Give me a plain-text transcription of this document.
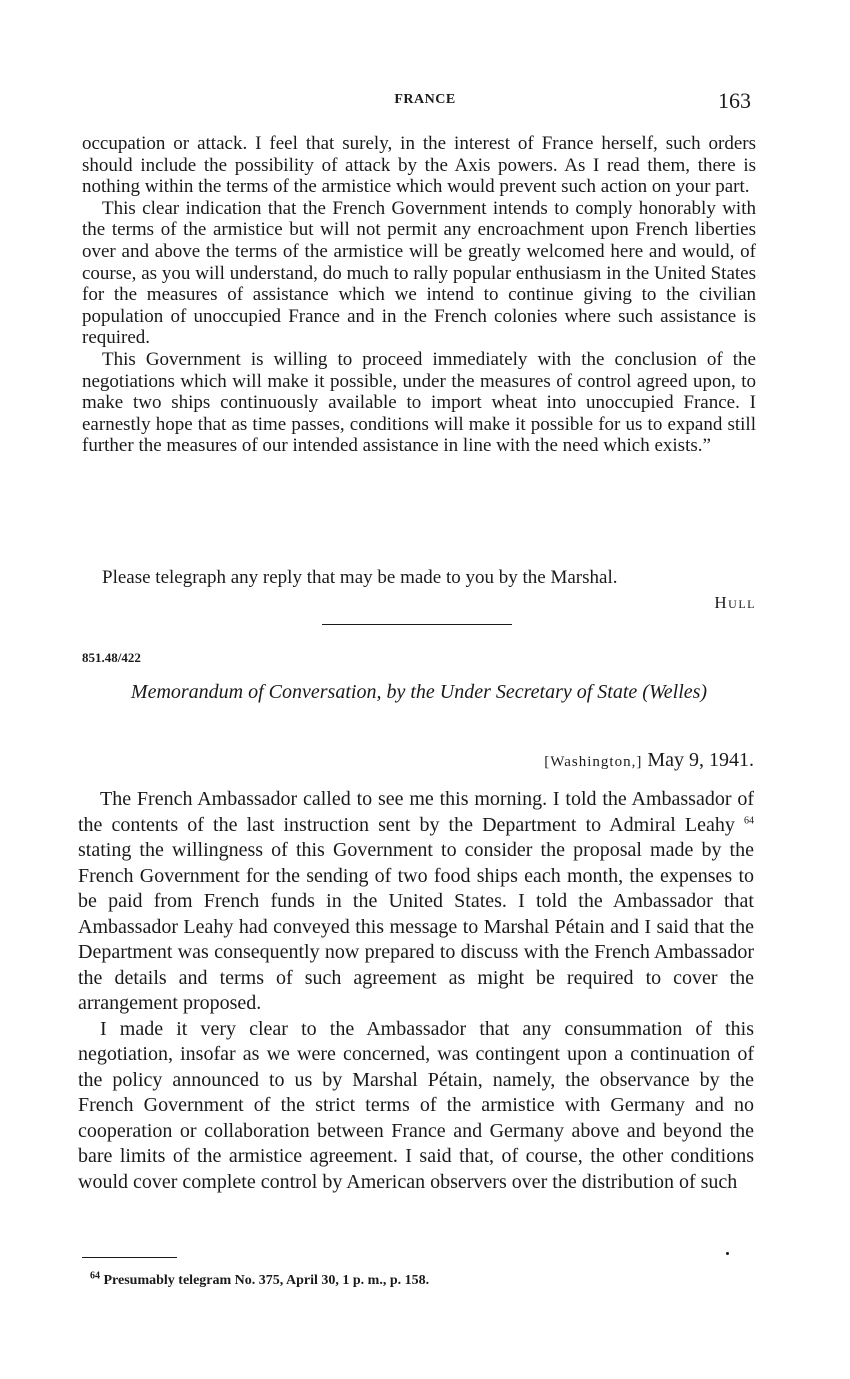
FRANCE	163

occupation or attack. I feel that surely, in the interest of France herself, such orders should include the possibility of attack by the Axis powers. As I read them, there is nothing within the terms of the armistice which would prevent such action on your part.

This clear indication that the French Government intends to comply honorably with the terms of the armistice but will not permit any encroachment upon French liberties over and above the terms of the armistice will be greatly welcomed here and would, of course, as you will understand, do much to rally popular enthusiasm in the United States for the measures of assistance which we intend to continue giving to the civilian population of unoccupied France and in the French colonies where such assistance is required.

This Government is willing to proceed immediately with the conclusion of the negotiations which will make it possible, under the measures of control agreed upon, to make two ships continuously available to import wheat into unoccupied France. I earnestly hope that as time passes, conditions will make it possible for us to expand still further the measures of our intended assistance in line with the need which exists.”

Please telegraph any reply that may be made to you by the Marshal.
Hull
851.48/422
Memorandum of Conversation, by the Under Secretary of State (Welles)
[Washington,] May 9, 1941.

The French Ambassador called to see me this morning. I told the Ambassador of the contents of the last instruction sent by the Department to Admiral Leahy $^{64}$ stating the willingness of this Government to consider the proposal made by the French Government for the sending of two food ships each month, the expenses to be paid from French funds in the United States. I told the Ambassador that Ambassador Leahy had conveyed this message to Marshal Pétain and I said that the Department was consequently now prepared to discuss with the French Ambassador the details and terms of such agreement as might be required to cover the arrangement proposed.

I made it very clear to the Ambassador that any consummation of this negotiation, insofar as we were concerned, was contingent upon a continuation of the policy announced to us by Marshal Pétain, namely, the observance by the French Government of the strict terms of the armistice with Germany and no cooperation or collaboration between France and Germany above and beyond the bare limits of the armistice agreement. I said that, of course, the other conditions would cover complete control by American observers over the distribution of such

$^{64}$ Presumably telegram No. 375, April 30, 1 p. m., p. 158.
